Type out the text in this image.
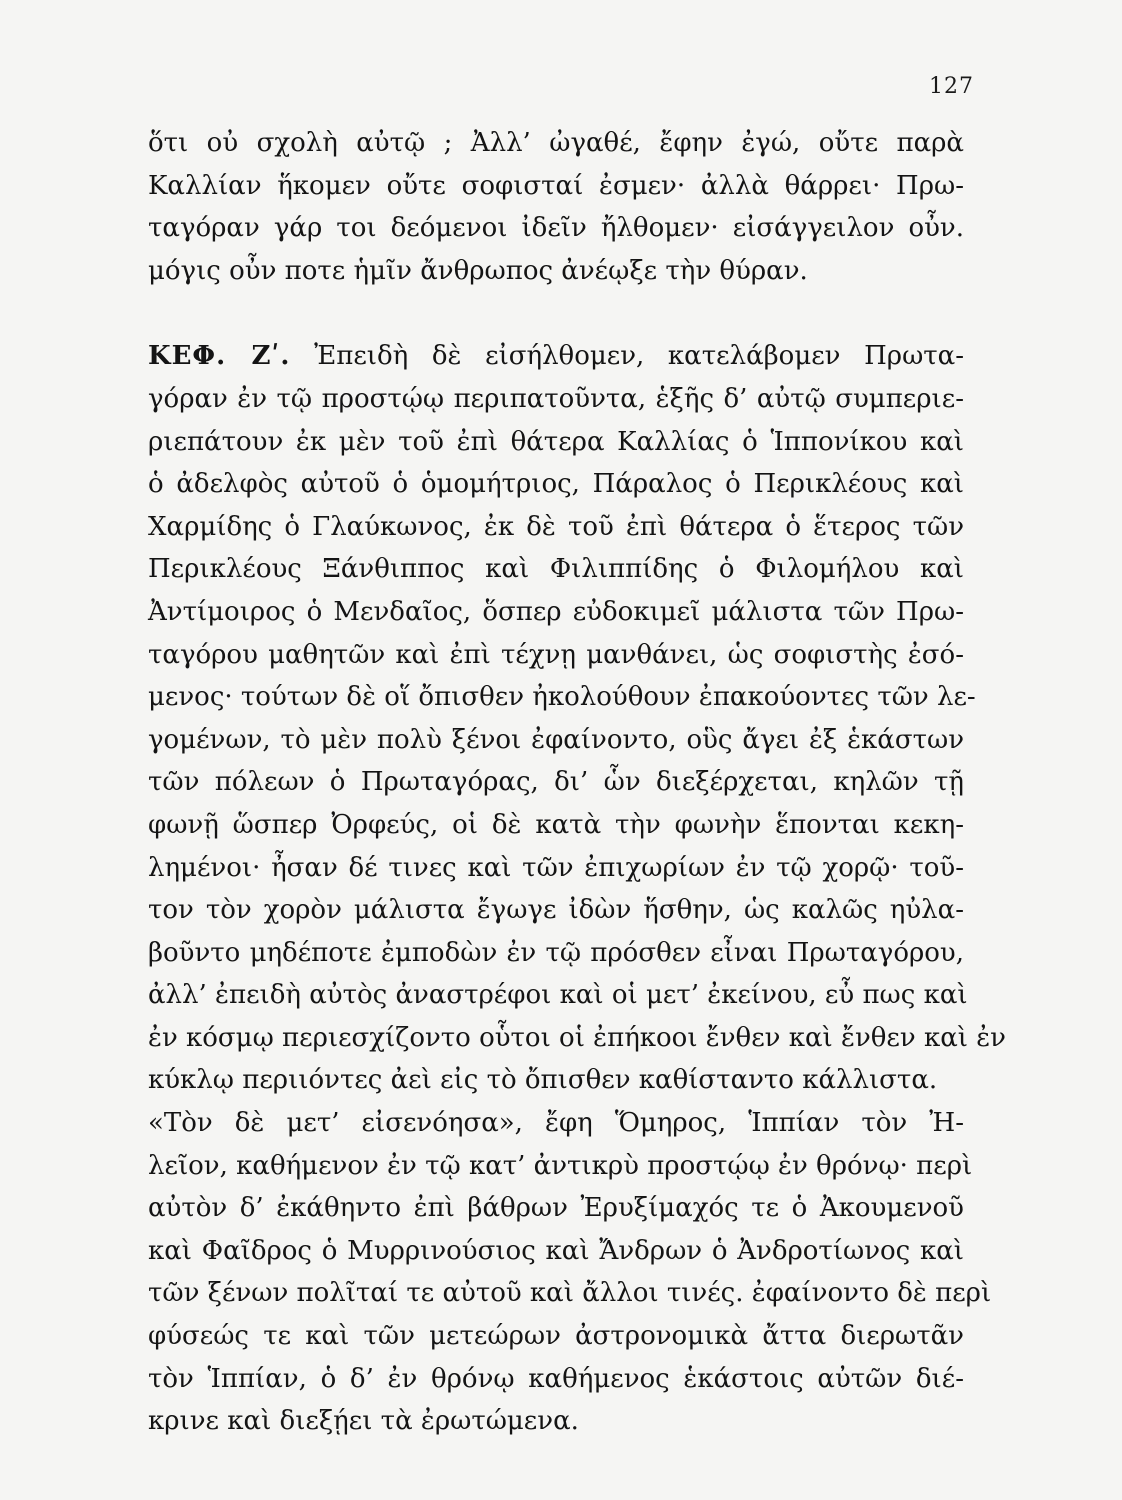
127
ὅτι οὐ σχολὴ αὐτῷ ; Ἀλλ’ ὠγαθέ, ἔφην ἐγώ, οὔτε παρὰ
Καλλίαν ἥκομεν οὔτε σοφισταί ἐσμεν· ἀλλὰ θάρρει· Πρω-
ταγόραν γάρ τοι δεόμενοι ἰδεῖν ἤλθομεν· εἰσάγγειλον οὖν.
μόγις οὖν ποτε ἡμῖν ἄνθρωπος ἀνέῳξε τὴν θύραν.
ΚΕΦ. Ζʹ. Ἐπειδὴ δὲ εἰσήλθομεν, κατελάβομεν Πρωτα-
γόραν ἐν τῷ προστῴῳ περιπατοῦντα, ἑξῆς δ’ αὐτῷ συμπεριε-
ριεπάτουν ἐκ μὲν τοῦ ἐπὶ θάτερα Καλλίας ὁ Ἱππονίκου καὶ
ὁ ἀδελφὸς αὐτοῦ ὁ ὁμομήτριος, Πάραλος ὁ Περικλέους καὶ
Χαρμίδης ὁ Γλαύκωνος, ἐκ δὲ τοῦ ἐπὶ θάτερα ὁ ἕτερος τῶν
Περικλέους Ξάνθιππος καὶ Φιλιππίδης ὁ Φιλομήλου καὶ
Ἀντίμοιρος ὁ Μενδαῖος, ὅσπερ εὐδοκιμεῖ μάλιστα τῶν Πρω-
ταγόρου μαθητῶν καὶ ἐπὶ τέχνῃ μανθάνει, ὡς σοφιστὴς ἐσό-
μενος· τούτων δὲ οἵ ὄπισθεν ἠκολούθουν ἐπακούοντες τῶν λε-
γομένων, τὸ μὲν πολὺ ξένοι ἐφαίνοντο, οὓς ἄγει ἐξ ἑκάστων
τῶν πόλεων ὁ Πρωταγόρας, δι’ ὧν διεξέρχεται, κηλῶν τῇ
φωνῇ ὥσπερ Ὀρφεύς, οἱ δὲ κατὰ τὴν φωνὴν ἕπονται κεκη-
λημένοι· ἦσαν δέ τινες καὶ τῶν ἐπιχωρίων ἐν τῷ χορῷ· τοῦ-
τον τὸν χορὸν μάλιστα ἔγωγε ἰδὼν ἥσθην, ὡς καλῶς ηὐλα-
βοῦντο μηδέποτε ἐμποδὼν ἐν τῷ πρόσθεν εἶναι Πρωταγόρου,
ἀλλ’ ἐπειδὴ αὐτὸς ἀναστρέφοι καὶ οἱ μετ’ ἐκείνου, εὖ πως καὶ
ἐν κόσμῳ περιεσχίζοντο οὗτοι οἱ ἐπήκοοι ἔνθεν καὶ ἔνθεν καὶ ἐν
κύκλῳ περιιόντες ἀεὶ εἰς τὸ ὄπισθεν καθίσταντο κάλλιστα.
«Τὸν δὲ μετ’ εἰσενόησα», ἔφη Ὅμηρος, Ἱππίαν τὸν Ἠ-
λεῖον, καθήμενον ἐν τῷ κατ’ ἀντικρὺ προστῴῳ ἐν θρόνῳ· περὶ
αὐτὸν δ’ ἐκάθηντο ἐπὶ βάθρων Ἐρυξίμαχός τε ὁ Ἀκουμενοῦ
καὶ Φαῖδρος ὁ Μυρρινούσιος καὶ Ἄνδρων ὁ Ἀνδροτίωνος καὶ
τῶν ξένων πολῖταί τε αὐτοῦ καὶ ἄλλοι τινές. ἐφαίνοντο δὲ περὶ
φύσεώς τε καὶ τῶν μετεώρων ἀστρονομικὰ ἄττα διερωτᾶν
τὸν Ἱππίαν, ὁ δ’ ἐν θρόνῳ καθήμενος ἑκάστοις αὐτῶν διέ-
κρινε καὶ διεξῄει τὰ ἐρωτώμενα.
